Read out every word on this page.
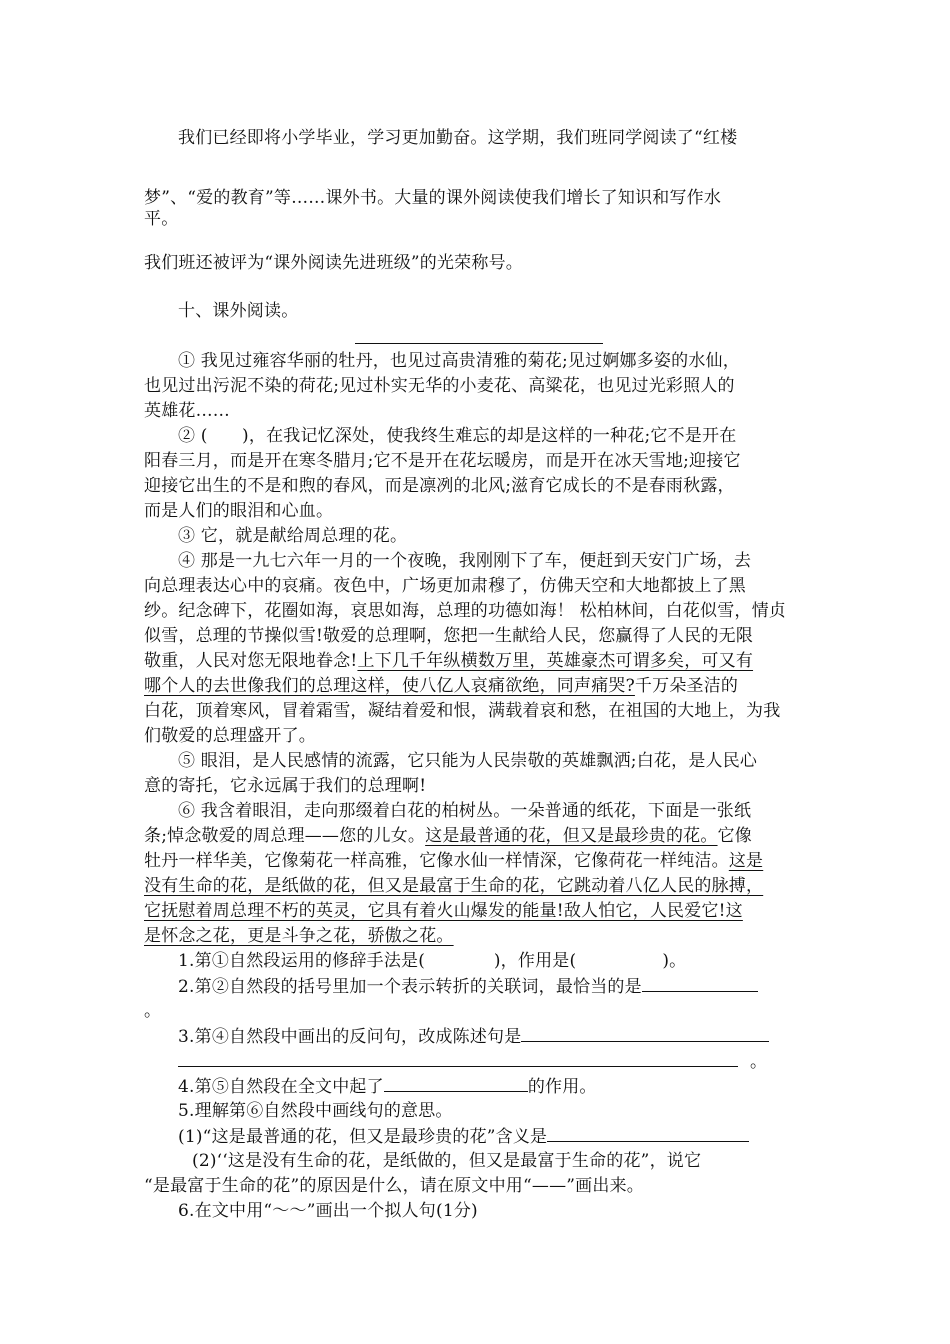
我们已经即将小学毕业，学习更加勤奋。这学期，我们班同学阅读了“红楼
梦”、“爱的教育”等……课外书。大量的课外阅读使我们增长了知识和写作水
平。
我们班还被评为“课外阅读先进班级”的光荣称号。
十、课外阅读。
① 我见过雍容华丽的牡丹，也见过高贵清雅的菊花;见过婀娜多姿的水仙，
也见过出污泥不染的荷花;见过朴实无华的小麦花、高粱花，也见过光彩照人的
英雄花……
② (　　)，在我记忆深处，使我终生难忘的却是这样的一种花;它不是开在
阳春三月，而是开在寒冬腊月;它不是开在花坛暖房，而是开在冰天雪地;迎接它
迎接它出生的不是和煦的春风，而是凛冽的北风;滋育它成长的不是春雨秋露，
而是人们的眼泪和心血。
③ 它，就是献给周总理的花。
④ 那是一九七六年一月的一个夜晚，我刚刚下了车，便赶到天安门广场，去
向总理表达心中的哀痛。夜色中，广场更加肃穆了，仿佛天空和大地都披上了黑
纱。纪念碑下，花圈如海，哀思如海，总理的功德如海！ 松柏林间，白花似雪，情贞
似雪，总理的节操似雪!敬爱的总理啊，您把一生献给人民，您赢得了人民的无限
敬重，人民对您无限地眷念!上下几千年纵横数万里，英雄豪杰可谓多矣，可又有
哪个人的去世像我们的总理这样，使八亿人哀痛欲绝，同声痛哭?千万朵圣洁的
白花，顶着寒风，冒着霜雪，凝结着爱和恨，满载着哀和愁，在祖国的大地上，为我
们敬爱的总理盛开了。
⑤ 眼泪，是人民感情的流露，它只能为人民崇敬的英雄飘洒;白花，是人民心
意的寄托，它永远属于我们的总理啊!
⑥ 我含着眼泪，走向那缀着白花的柏树丛。一朵普通的纸花，下面是一张纸
条;悼念敬爱的周总理——您的儿女。这是最普通的花，但又是最珍贵的花。它像
牡丹一样华美，它像菊花一样高雅，它像水仙一样情深，它像荷花一样纯洁。这是
没有生命的花，是纸做的花，但又是最富于生命的花，它跳动着八亿人民的脉搏，
它抚慰着周总理不朽的英灵，它具有着火山爆发的能量!敌人怕它，人民爱它!这
是怀念之花，更是斗争之花，骄傲之花。
1.第①自然段运用的修辞手法是(　　　　)，作用是(　　　　　)。
2.第②自然段的括号里加一个表示转折的关联词，最恰当的是
。
3.第④自然段中画出的反问句，改成陈述句是
。
4.第⑤自然段在全文中起了	的作用。
5.理解第⑥自然段中画线句的意思。
(1)“这是最普通的花，但又是最珍贵的花”含义是
(2)‘‘这是没有生命的花，是纸做的，但又是最富于生命的花”，说它
“是最富于生命的花”的原因是什么，请在原文中用“——”画出来。
6.在文中用“～～”画出一个拟人句(1分)
